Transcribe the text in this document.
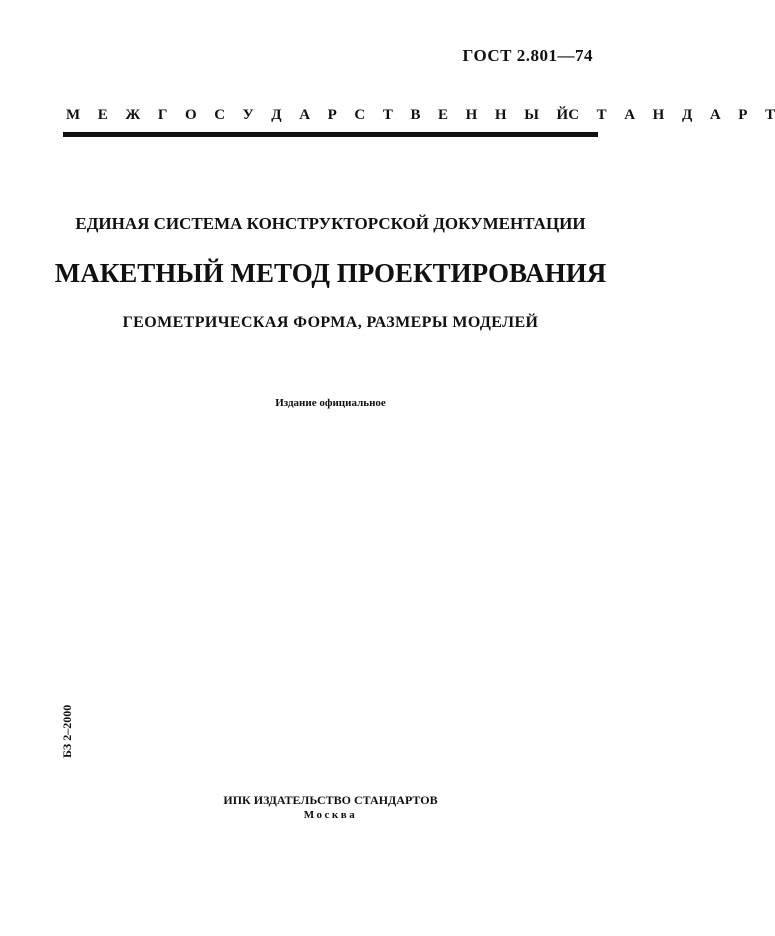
ГОСТ 2.801—74
М Е Ж Г О С У Д А Р С Т В Е Н Н Ы Й С Т А Н Д А Р Т
ЕДИНАЯ СИСТЕМА КОНСТРУКТОРСКОЙ ДОКУМЕНТАЦИИ
МАКЕТНЫЙ МЕТОД ПРОЕКТИРОВАНИЯ
ГЕОМЕТРИЧЕСКАЯ ФОРМА, РАЗМЕРЫ МОДЕЛЕЙ
Издание официальное
БЗ 2–2000
ИПК ИЗДАТЕЛЬСТВО СТАНДАРТОВ
Москва
